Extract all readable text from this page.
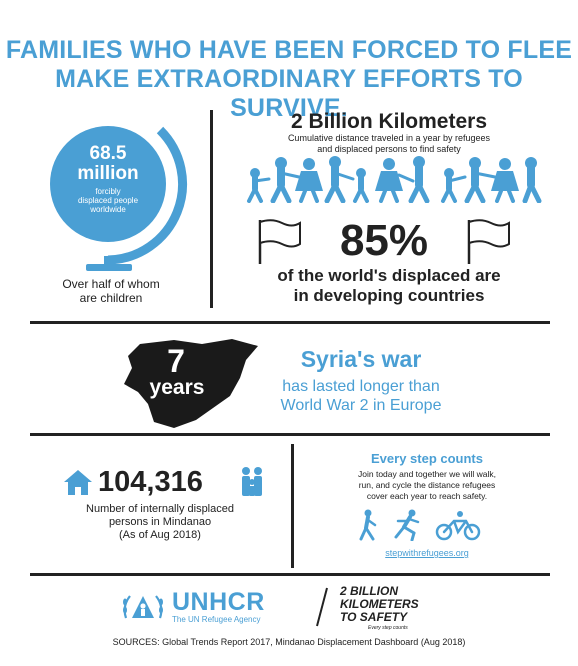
FAMILIES WHO HAVE BEEN FORCED TO FLEE
MAKE EXTRAORDINARY EFFORTS TO SURVIVE.
68.5
million
forcibly
displaced people
worldwide
Over half of whom
are children
2 Billion Kilometers
Cumulative distance traveled in a year by refugees
and displaced persons to find safety
85%
of the world's displaced are
in developing countries
7
years
Syria's war
has lasted longer than
World War 2 in Europe
104,316
Number of internally displaced
persons in Mindanao
(As of Aug 2018)
Every step counts
Join today and together we will walk,
run, and cycle the distance refugees
cover each year to reach safety.
stepwithrefugees.org
UNHCR
The UN Refugee Agency
2 BILLION
KILOMETERS
TO SAFETY
Every step counts
SOURCES: Global Trends Report 2017, Mindanao Displacement Dashboard (Aug 2018)
